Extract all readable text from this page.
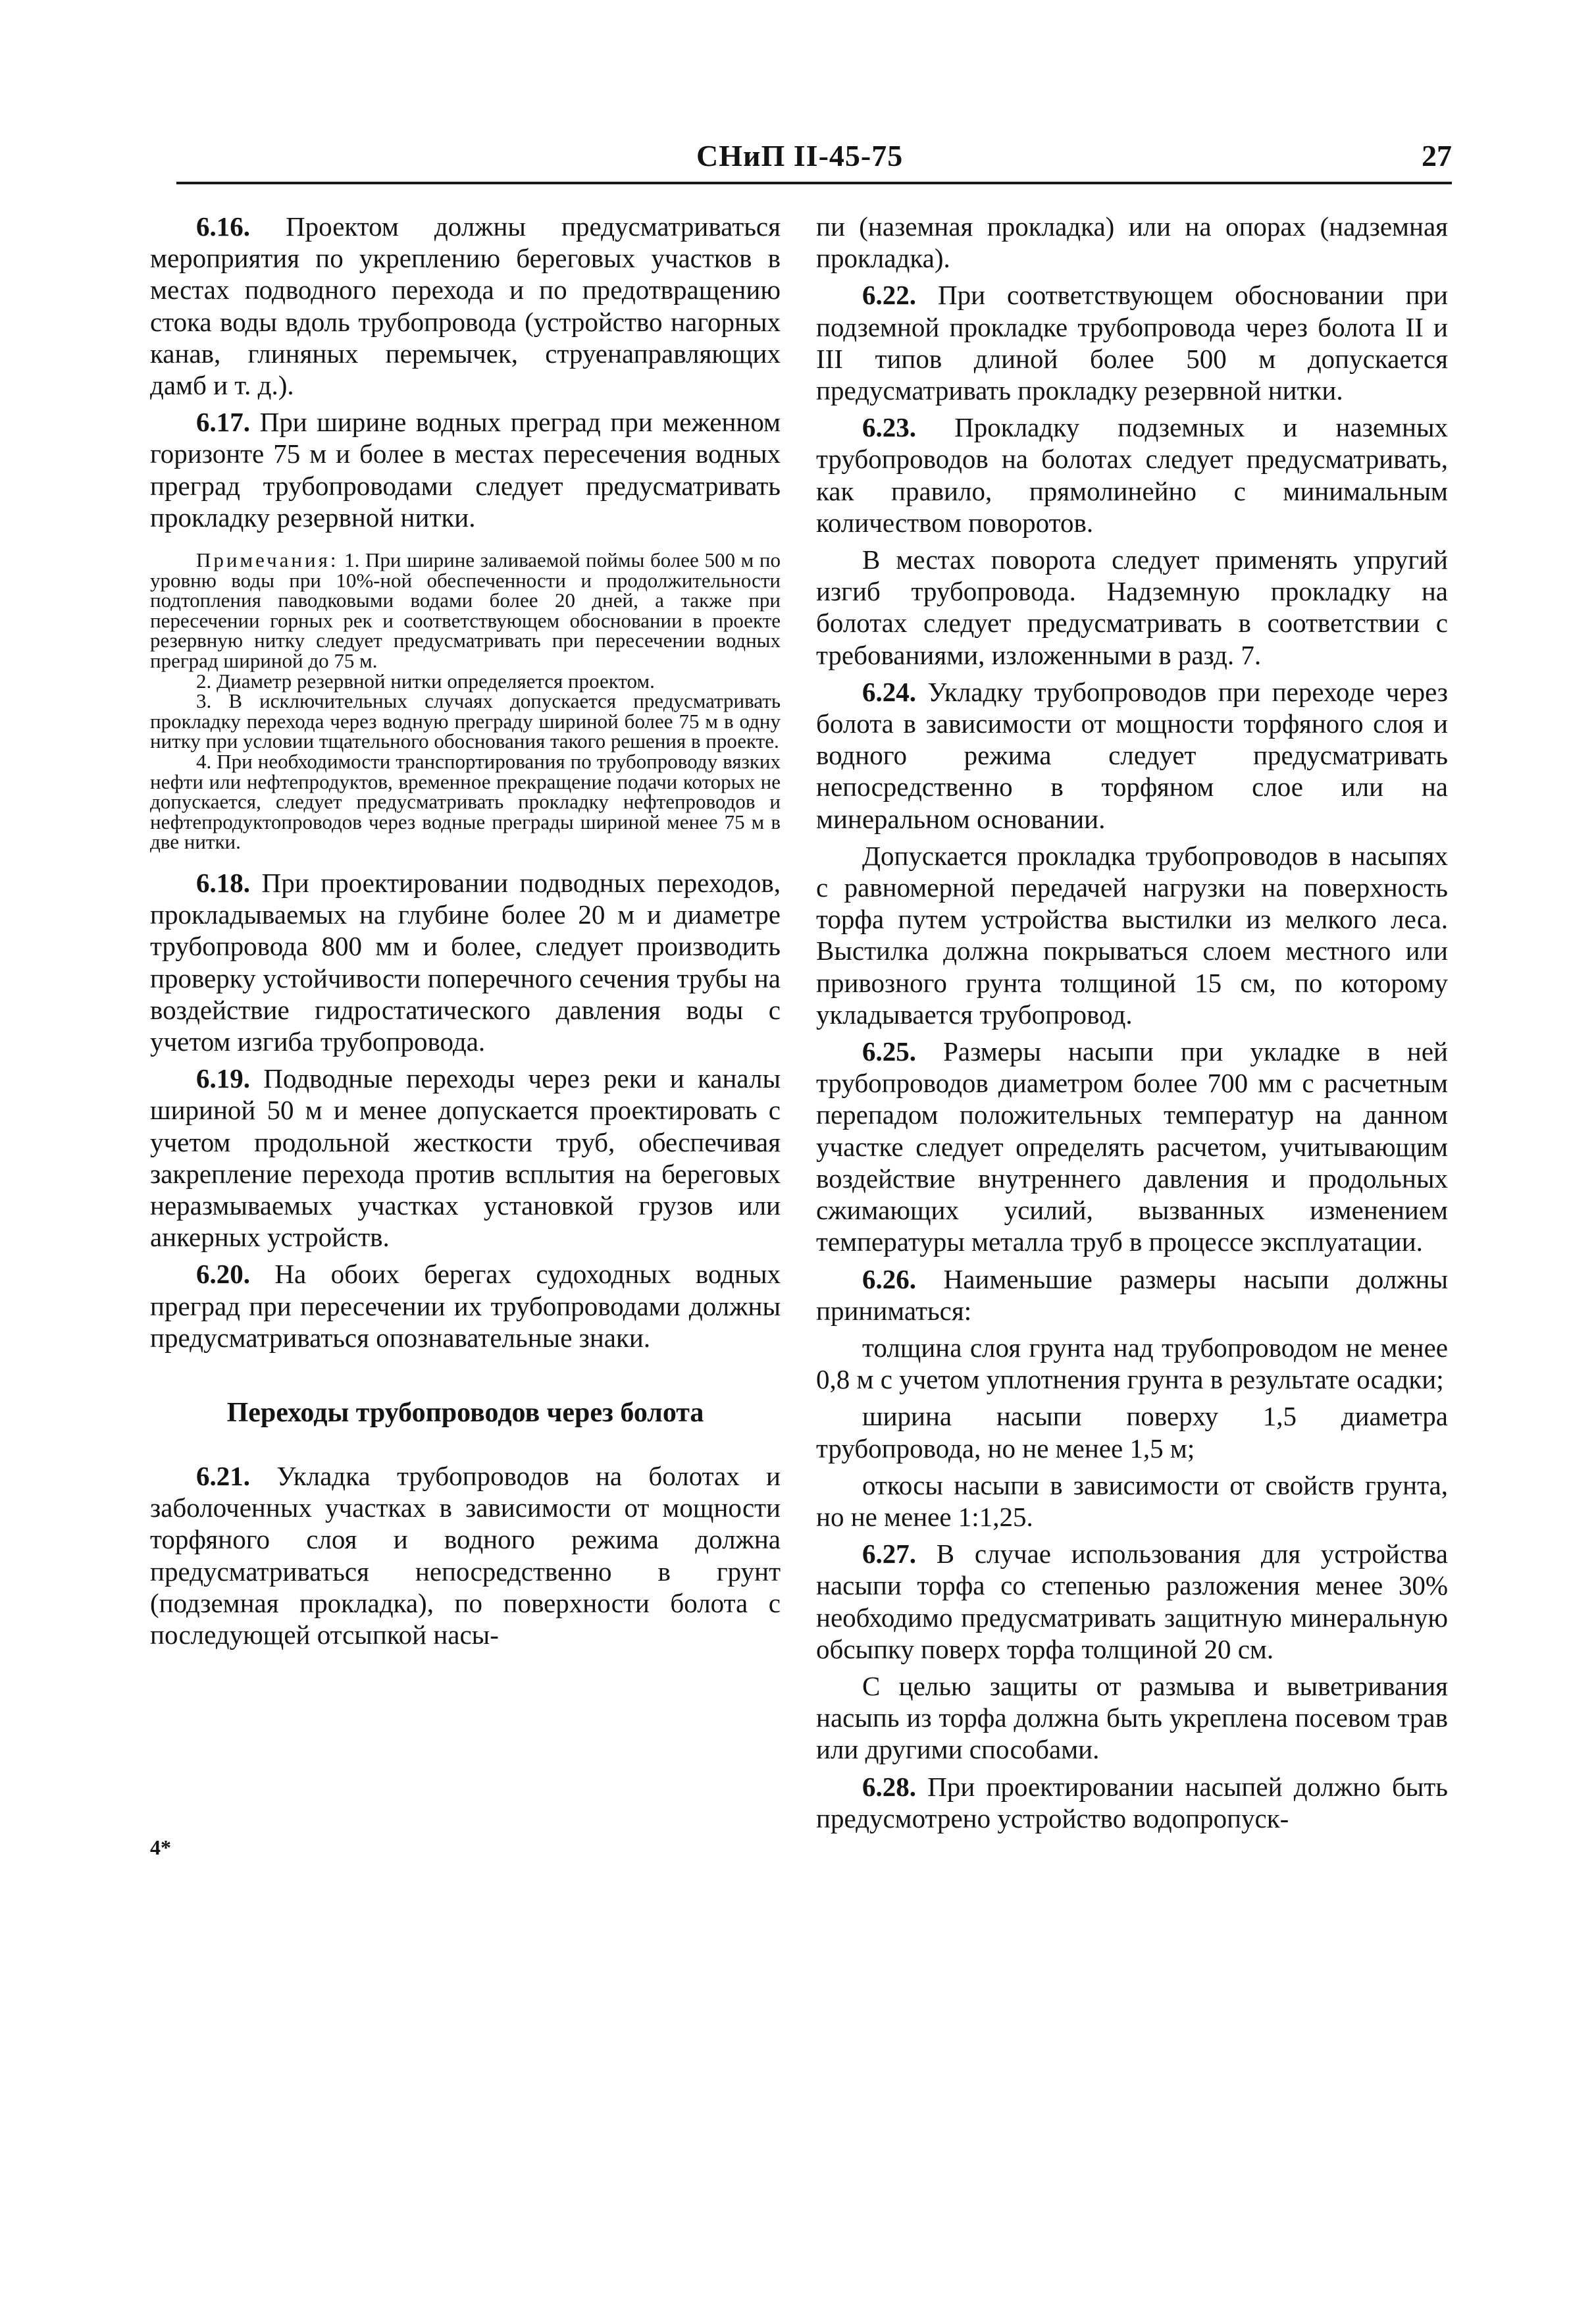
СНиП II-45-75	27

6.16. Проектом должны предусматриваться мероприятия по укреплению береговых участков в местах подводного перехода и по предотвращению стока воды вдоль трубопровода (устройство нагорных канав, глиняных перемычек, струенаправляющих дамб и т. д.).

6.17. При ширине водных преград при меженном горизонте 75 м и более в местах пересечения водных преград трубопроводами следует предусматривать прокладку резервной нитки.

Примечания: 1. При ширине заливаемой поймы более 500 м по уровню воды при 10%-ной обеспеченности и продолжительности подтопления паводковыми водами более 20 дней, а также при пересечении горных рек и соответствующем обосновании в проекте резервную нитку следует предусматривать при пересечении водных преград шириной до 75 м.

2. Диаметр резервной нитки определяется проектом.

3. В исключительных случаях допускается предусматривать прокладку перехода через водную преграду шириной более 75 м в одну нитку при условии тщательного обоснования такого решения в проекте.

4. При необходимости транспортирования по трубопроводу вязких нефти или нефтепродуктов, временное прекращение подачи которых не допускается, следует предусматривать прокладку нефтепроводов и нефтепродуктопроводов через водные преграды шириной менее 75 м в две нитки.

6.18. При проектировании подводных переходов, прокладываемых на глубине более 20 м и диаметре трубопровода 800 мм и более, следует производить проверку устойчивости поперечного сечения трубы на воздействие гидростатического давления воды с учетом изгиба трубопровода.

6.19. Подводные переходы через реки и каналы шириной 50 м и менее допускается проектировать с учетом продольной жесткости труб, обеспечивая закрепление перехода против всплытия на береговых неразмываемых участках установкой грузов или анкерных устройств.

6.20. На обоих берегах судоходных водных преград при пересечении их трубопроводами должны предусматриваться опознавательные знаки.

Переходы трубопроводов через болота

6.21. Укладка трубопроводов на болотах и заболоченных участках в зависимости от мощности торфяного слоя и водного режима должна предусматриваться непосредственно в грунт (подземная прокладка), по поверхности болота с последующей отсыпкой насы-

4*

пи (наземная прокладка) или на опорах (надземная прокладка).

6.22. При соответствующем обосновании при подземной прокладке трубопровода через болота II и III типов длиной более 500 м допускается предусматривать прокладку резервной нитки.

6.23. Прокладку подземных и наземных трубопроводов на болотах следует предусматривать, как правило, прямолинейно с минимальным количеством поворотов.

В местах поворота следует применять упругий изгиб трубопровода. Надземную прокладку на болотах следует предусматривать в соответствии с требованиями, изложенными в разд. 7.

6.24. Укладку трубопроводов при переходе через болота в зависимости от мощности торфяного слоя и водного режима следует предусматривать непосредственно в торфяном слое или на минеральном основании.

Допускается прокладка трубопроводов в насыпях с равномерной передачей нагрузки на поверхность торфа путем устройства выстилки из мелкого леса. Выстилка должна покрываться слоем местного или привозного грунта толщиной 15 см, по которому укладывается трубопровод.

6.25. Размеры насыпи при укладке в ней трубопроводов диаметром более 700 мм с расчетным перепадом положительных температур на данном участке следует определять расчетом, учитывающим воздействие внутреннего давления и продольных сжимающих усилий, вызванных изменением температуры металла труб в процессе эксплуатации.

6.26. Наименьшие размеры насыпи должны приниматься:

толщина слоя грунта над трубопроводом не менее 0,8 м с учетом уплотнения грунта в результате осадки;

ширина насыпи поверху 1,5 диаметра трубопровода, но не менее 1,5 м;

откосы насыпи в зависимости от свойств грунта, но не менее 1:1,25.

6.27. В случае использования для устройства насыпи торфа со степенью разложения менее 30% необходимо предусматривать защитную минеральную обсыпку поверх торфа толщиной 20 см.

С целью защиты от размыва и выветривания насыпь из торфа должна быть укреплена посевом трав или другими способами.

6.28. При проектировании насыпей должно быть предусмотрено устройство водопропуск-
